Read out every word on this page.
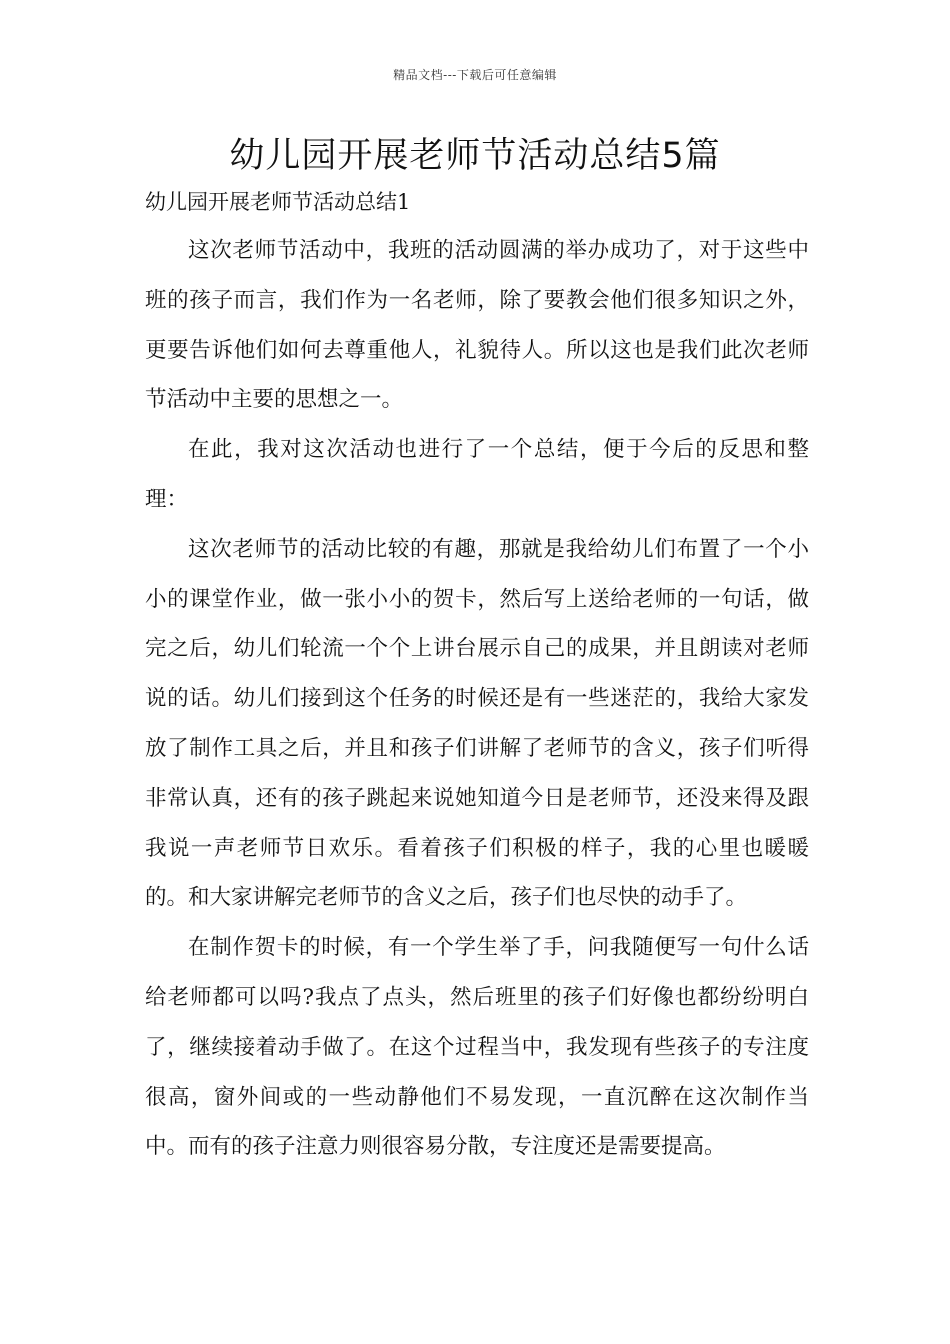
精品文档---下载后可任意编辑
幼儿园开展老师节活动总结5篇
幼儿园开展老师节活动总结1

这次老师节活动中，我班的活动圆满的举办成功了，对于这些中班的孩子而言，我们作为一名老师，除了要教会他们很多知识之外，更要告诉他们如何去尊重他人，礼貌待人。所以这也是我们此次老师节活动中主要的思想之一。

在此，我对这次活动也进行了一个总结，便于今后的反思和整理：

这次老师节的活动比较的有趣，那就是我给幼儿们布置了一个小小的课堂作业，做一张小小的贺卡，然后写上送给老师的一句话，做完之后，幼儿们轮流一个个上讲台展示自己的成果，并且朗读对老师说的话。幼儿们接到这个任务的时候还是有一些迷茫的，我给大家发放了制作工具之后，并且和孩子们讲解了老师节的含义，孩子们听得非常认真，还有的孩子跳起来说她知道今日是老师节，还没来得及跟我说一声老师节日欢乐。看着孩子们积极的样子，我的心里也暖暖的。和大家讲解完老师节的含义之后，孩子们也尽快的动手了。

在制作贺卡的时候，有一个学生举了手，问我随便写一句什么话给老师都可以吗?我点了点头，然后班里的孩子们好像也都纷纷明白了，继续接着动手做了。在这个过程当中，我发现有些孩子的专注度很高，窗外间或的一些动静他们不易发现，一直沉醉在这次制作当中。而有的孩子注意力则很容易分散，专注度还是需要提高。
